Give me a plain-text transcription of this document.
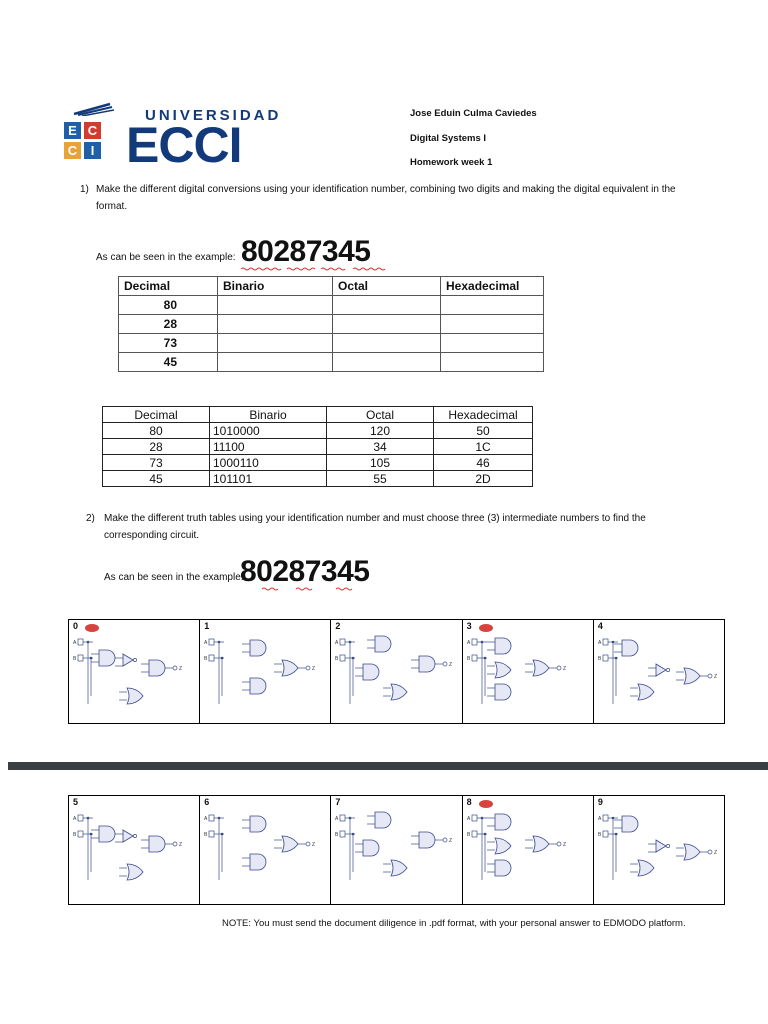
UNIVERSIDAD
E C
C	I ECCI
Jose Eduin Culma Caviedes
Digital Systems I
Homework week 1
1) Make the different digital conversions using your identification number, combining two digits and making the digital equivalent in the
format.
As can be seen in the example: 80287345
Decimal	Binario	Octal	Hexadecimal
80			
28			
73			
45			
Decimal	Binario	Octal	Hexadecimal
80	1010000	120	50
28	11100	34	1C
73	1000110	105	46
45	101101	55	2D
2) Make the different truth tables using your identification number and must choose three (3) intermediate numbers to find the
corresponding circuit.
As can be seen in the example:
80287345
0
A
B
Z
1
A
B
Z
2
A
B
Z
3
A
B
Z
4
A
B
Z
5
A
B
Z
6
A
B
Z
7
A
B
Z
8
A
B
Z
9
A
B
Z
NOTE: You must send the document diligence in .pdf format, with your personal answer to EDMODO platform.
